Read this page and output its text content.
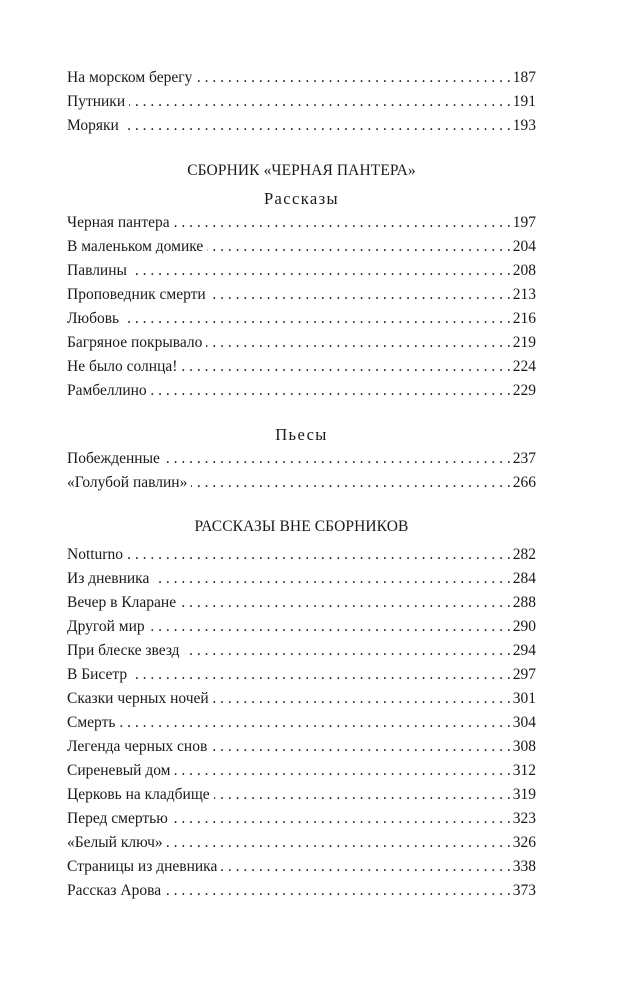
На морском берегу . . .	187
Путники . . .	191
Моряки . . .	193
СБОРНИК «ЧЕРНАЯ ПАНТЕРА»
Рассказы
Черная пантера . . .	197
В маленьком домике . . .	204
Павлины . . .	208
Проповедник смерти . . .	213
Любовь . . .	216
Багряное покрывало . . .	219
Не было солнца! . . .	224
Рамбеллино . . .	229
Пьесы
Побежденные . . .	237
«Голубой павлин» . . .	266
РАССКАЗЫ ВНЕ СБОРНИКОВ
Notturno . . .	282
Из дневника . . .	284
Вечер в Кларане . . .	288
Другой мир . . .	290
При блеске звезд . . .	294
В Бисетр . . .	297
Сказки черных ночей . . .	301
Смерть . . .	304
Легенда черных снов . . .	308
Сиреневый дом . . .	312
Церковь на кладбище . . .	319
Перед смертью . . .	323
«Белый ключ» . . .	326
Страницы из дневника . . .	338
Рассказ Арова . . .	373
